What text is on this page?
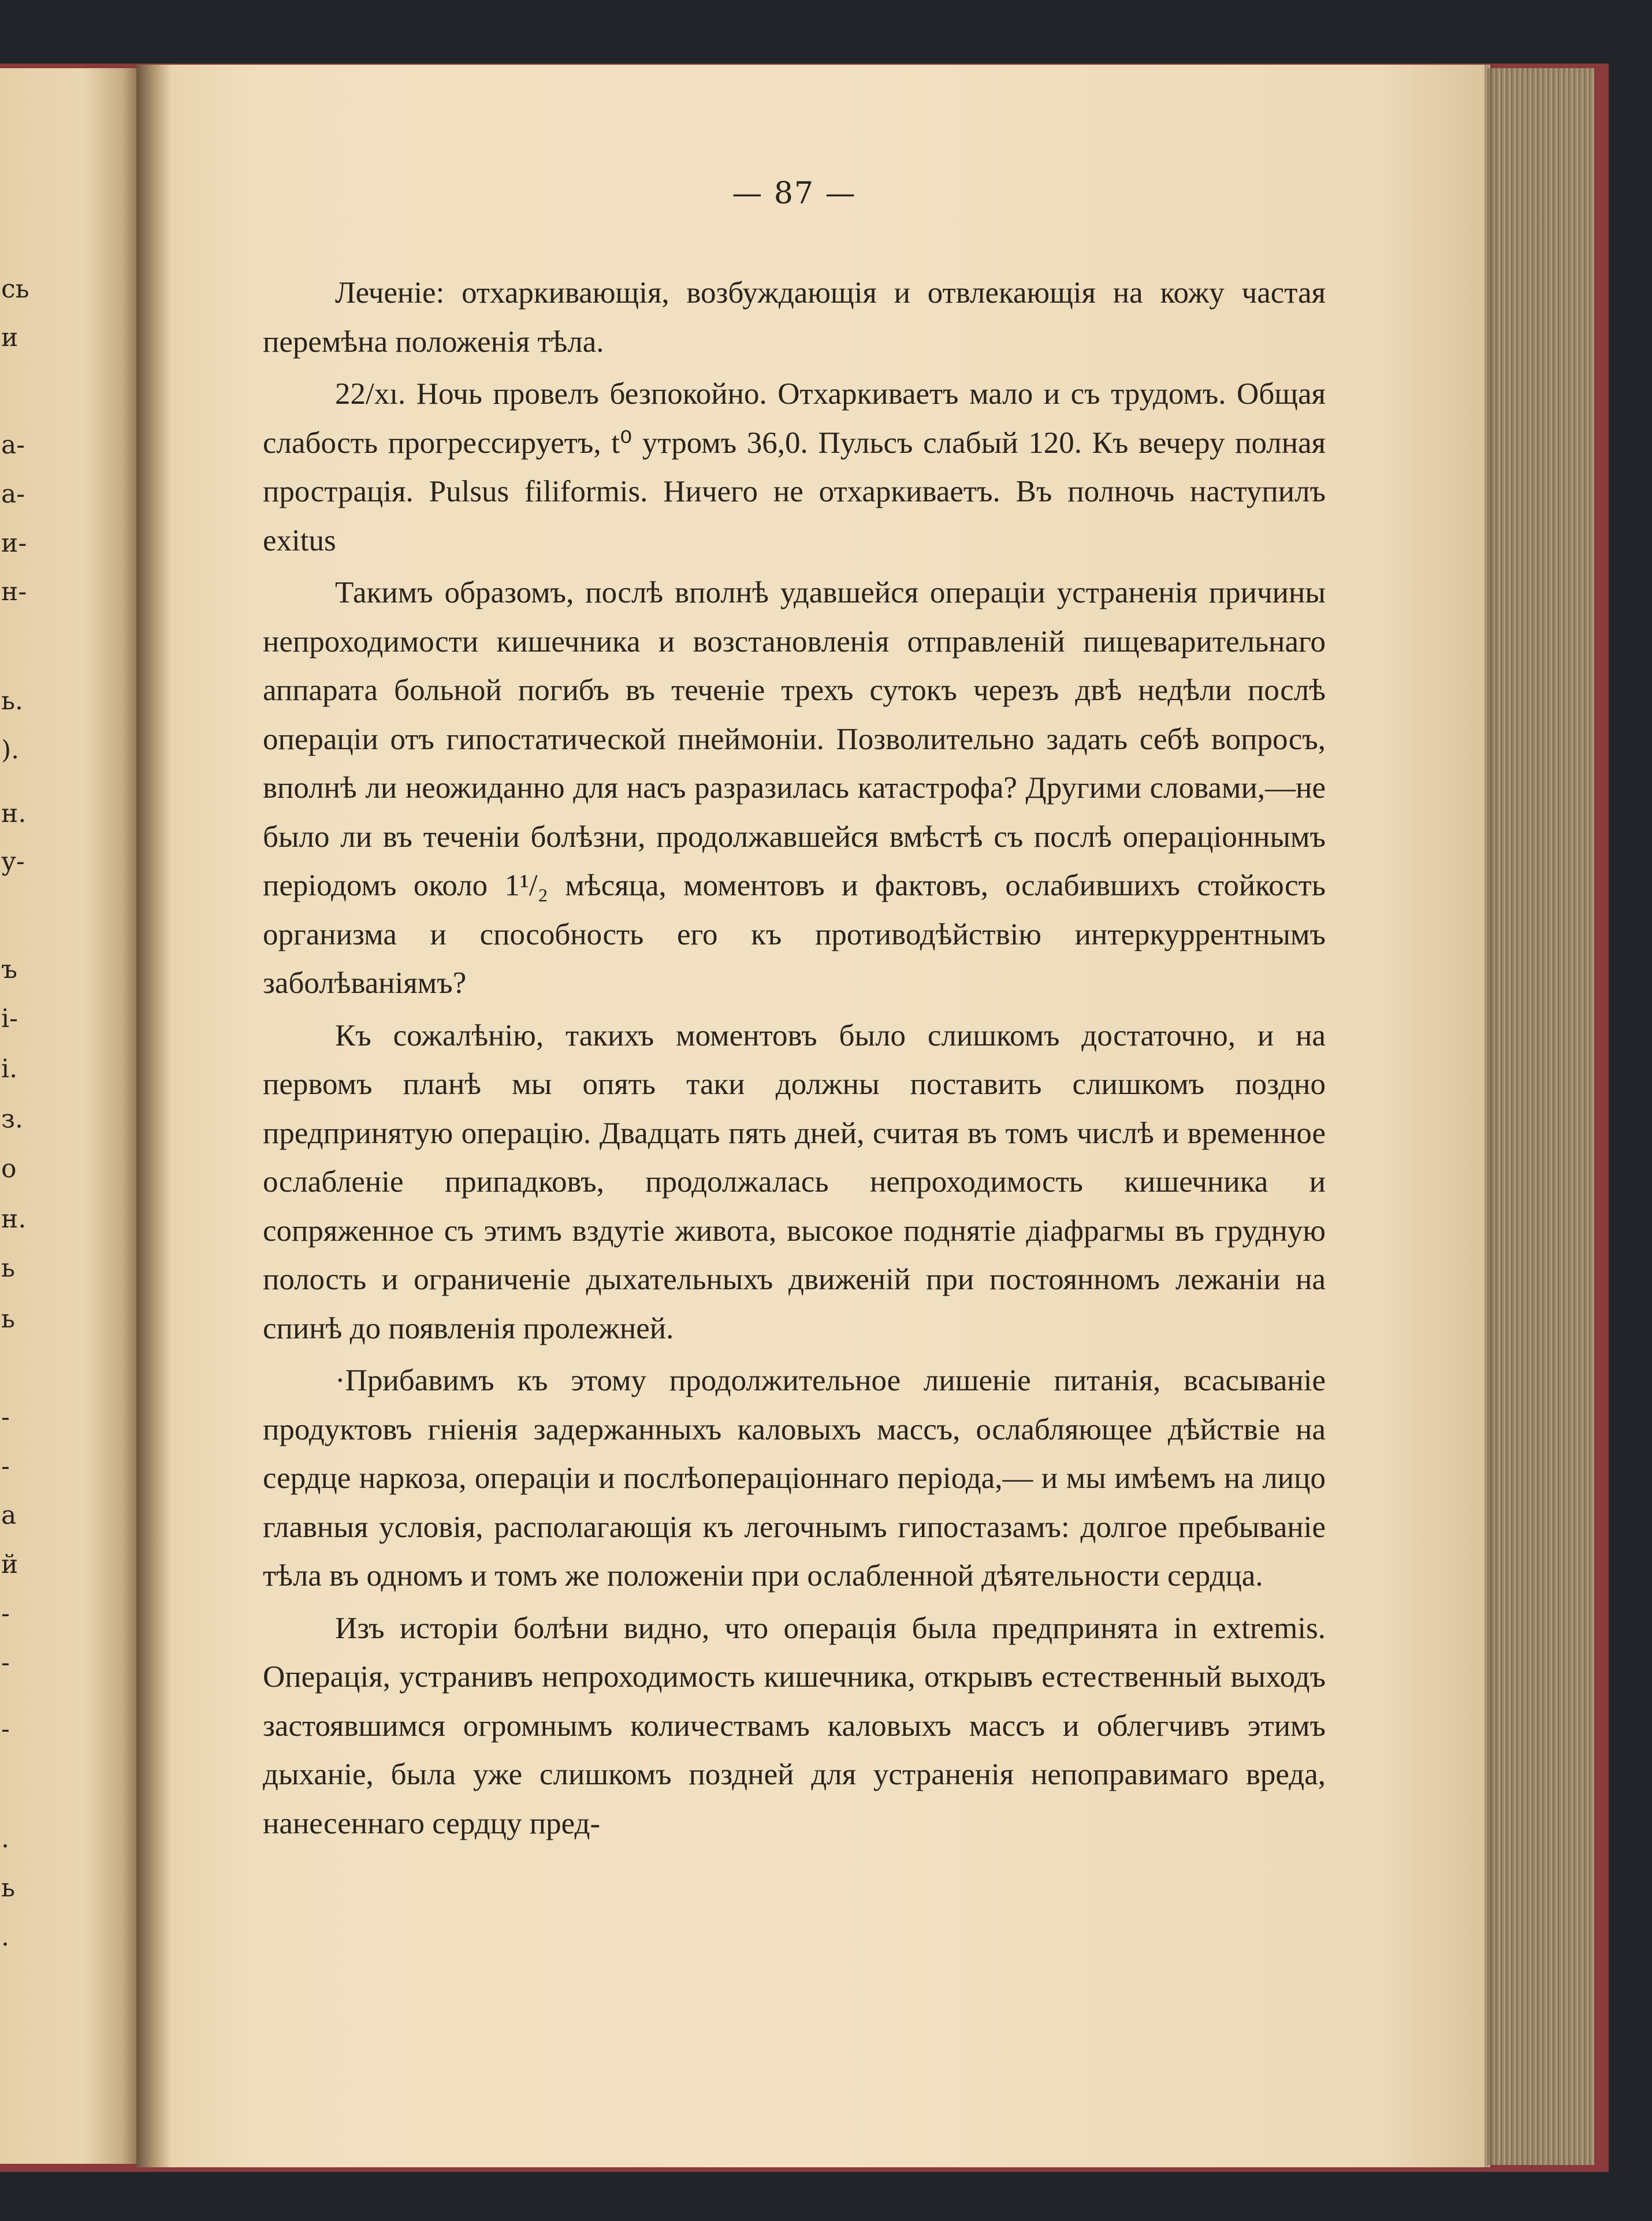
сь
и
а-
а-
и-
н-
ь.
).
н.
у-
ъ
і-
і.
з.
о
н.
ь
ь
-
-
а
й
-
-
-
.
ь
.
— 87 —

Леченіе: отхаркивающія, возбуждающія и отвлекающія на кожу частая перемѣна положенія тѣла.

22/xı. Ночь провелъ безпокойно. Отхаркиваетъ мало и съ трудомъ. Общая слабость прогрессируетъ, t⁰ утромъ 36,0. Пульсъ слабый 120. Къ вечеру полная прострація. Pulsus filiformis. Ничего не отхаркиваетъ. Въ полночь наступилъ exitus

Такимъ образомъ, послѣ вполнѣ удавшейся операціи устраненія причины непроходимости кишечника и возстановленія отправленій пищеварительнаго аппарата больной погибъ въ теченіе трехъ сутокъ черезъ двѣ недѣли послѣ операціи отъ гипостатической пнеймоніи. Позволительно задать себѣ вопросъ, вполнѣ ли неожиданно для насъ разразилась катастрофа? Другими словами,—не было ли въ теченіи болѣзни, продолжавшейся вмѣстѣ съ послѣ операціоннымъ періодомъ около 1¹/₂ мѣсяца, моментовъ и фактовъ, ослабившихъ стойкость организма и способность его къ противодѣйствію интеркуррентнымъ заболѣваніямъ?

Къ сожалѣнію, такихъ моментовъ было слишкомъ достаточно, и на первомъ планѣ мы опять таки должны поставить слишкомъ поздно предпринятую операцію. Двадцать пять дней, считая въ томъ числѣ и временное ослабленіе припадковъ, продолжалась непроходимость кишечника и сопряженное съ этимъ вздутіе живота, высокое поднятіе діафрагмы въ грудную полость и ограниченіе дыхательныхъ движеній при постоянномъ лежаніи на спинѣ до появленія пролежней.

·Прибавимъ къ этому продолжительное лишеніе питанія, всасываніе продуктовъ гніенія задержанныхъ каловыхъ массъ, ослабляющее дѣйствіе на сердце наркоза, операціи и послѣопераціоннаго періода,— и мы имѣемъ на лицо главныя условія, располагающія къ легочнымъ гипостазамъ: долгое пребываніе тѣла въ одномъ и томъ же положеніи при ослабленной дѣятельности сердца.

Изъ исторіи болѣни видно, что операція была предпринята in extremis. Операція, устранивъ непроходимость кишечника, открывъ естественный выходъ застоявшимся огромнымъ количествамъ каловыхъ массъ и облегчивъ этимъ дыханіе, была уже слишкомъ поздней для устраненія непоправимаго вреда, нанесеннаго сердцу пред-
